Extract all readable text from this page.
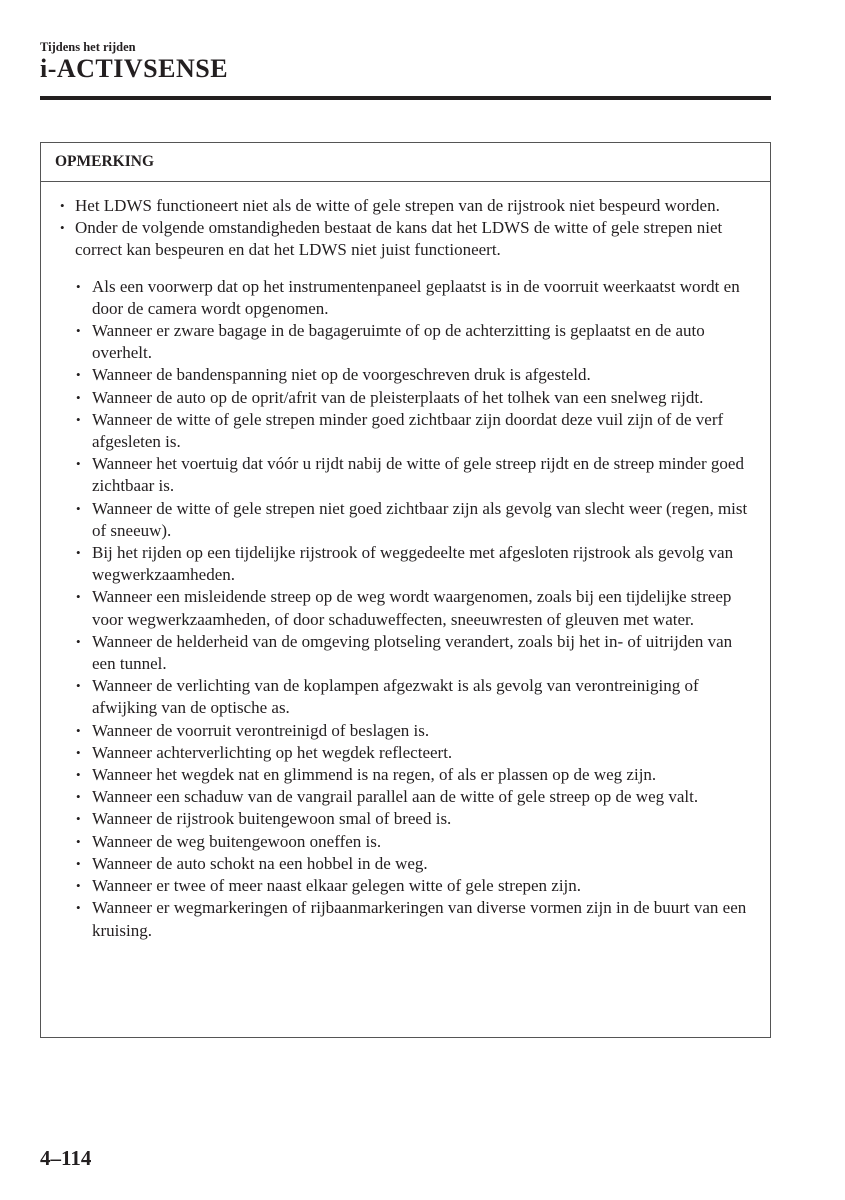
Tijdens het rijden
i-ACTIVSENSE
OPMERKING
• Het LDWS functioneert niet als de witte of gele strepen van de rijstrook niet bespeurd worden.
• Onder de volgende omstandigheden bestaat de kans dat het LDWS de witte of gele strepen niet correct kan bespeuren en dat het LDWS niet juist functioneert.
• Als een voorwerp dat op het instrumentenpaneel geplaatst is in de voorruit weerkaatst wordt en door de camera wordt opgenomen.
• Wanneer er zware bagage in de bagageruimte of op de achterzitting is geplaatst en de auto overhelt.
• Wanneer de bandenspanning niet op de voorgeschreven druk is afgesteld.
• Wanneer de auto op de oprit/afrit van de pleisterplaats of het tolhek van een snelweg rijdt.
• Wanneer de witte of gele strepen minder goed zichtbaar zijn doordat deze vuil zijn of de verf afgesleten is.
• Wanneer het voertuig dat vóór u rijdt nabij de witte of gele streep rijdt en de streep minder goed zichtbaar is.
• Wanneer de witte of gele strepen niet goed zichtbaar zijn als gevolg van slecht weer (regen, mist of sneeuw).
• Bij het rijden op een tijdelijke rijstrook of weggedeelte met afgesloten rijstrook als gevolg van wegwerkzaamheden.
• Wanneer een misleidende streep op de weg wordt waargenomen, zoals bij een tijdelijke streep voor wegwerkzaamheden, of door schaduweffecten, sneeuwresten of gleuven met water.
• Wanneer de helderheid van de omgeving plotseling verandert, zoals bij het in- of uitrijden van een tunnel.
• Wanneer de verlichting van de koplampen afgezwakt is als gevolg van verontreiniging of afwijking van de optische as.
• Wanneer de voorruit verontreinigd of beslagen is.
• Wanneer achterverlichting op het wegdek reflecteert.
• Wanneer het wegdek nat en glimmend is na regen, of als er plassen op de weg zijn.
• Wanneer een schaduw van de vangrail parallel aan de witte of gele streep op de weg valt.
• Wanneer de rijstrook buitengewoon smal of breed is.
• Wanneer de weg buitengewoon oneffen is.
• Wanneer de auto schokt na een hobbel in de weg.
• Wanneer er twee of meer naast elkaar gelegen witte of gele strepen zijn.
• Wanneer er wegmarkeringen of rijbaanmarkeringen van diverse vormen zijn in de buurt van een kruising.
4–114
